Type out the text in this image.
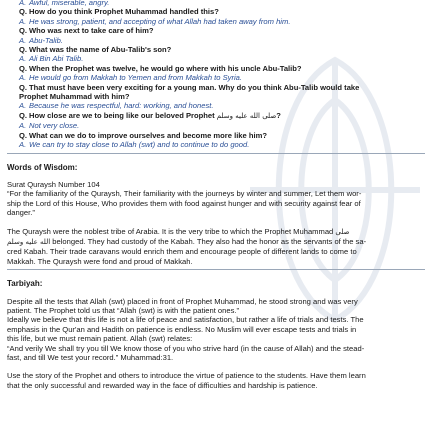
A. Awful, miserable, angry.
Q. How do you think Prophet Muhammad handled this?
A. He was strong, patient, and accepting of what Allah had taken away from him.
Q. Who was next to take care of him?
A. Abu-Talib.
Q. What was the name of Abu-Talib's son?
A. Ali Bin Abi Talib.
Q. When the Prophet was twelve, he would go where with his uncle Abu-Talib?
A. He would go from Makkah to Yemen and from Makkah to Syria.
Q. That must have been very exciting for a young man. Why do you think Abu-Talib would take
Prophet Muhammad with him?
A. Because he was respectful, hard: working, and honest.
Q. How close are we to being like our beloved Prophet صلى الله عليه وسلم?
A. Not very close.
Q. What can we do to improve ourselves and become more like him?
A. We can try to stay close to Allah (swt) and to continue to do good.
Words of Wisdom:
Surat Quraysh Number 104
“For the familiarity of the Quraysh, Their familiarity with the journeys by winter and summer, Let them wor-
ship the Lord of this House, Who provides them with food against hunger and with security against fear of
danger.”
The Quraysh were the noblest tribe of Arabia. It is the very tribe to which the Prophet Muhammad صلى
الله عليه وسلم belonged. They had custody of the Kabah. They also had the honor as the servants of the sa-
cred Kabah. Their trade caravans would enrich them and encourage people of different lands to come to
Makkah. The Quraysh were fond and proud of Makkah.
Tarbiyah:
Despite all the tests that Allah (swt) placed in front of Prophet Muhammad, he stood strong and was very
patient. The Prophet told us that “Allah (swt) is with the patient ones.”
Ideally we believe that this life is not a life of peace and satisfaction, but rather a life of trials and tests. The
emphasis in the Qur'an and Hadith on patience is endless. No Muslim will ever escape tests and trials in
this life, but we must remain patient. Allah (swt) relates:
“And verily We shall try you till We know those of you who strive hard (in the cause of Allah) and the stead-
fast, and till We test your record.” Muhammad:31.
Use the story of the Prophet and others to introduce the virtue of patience to the students. Have them learn
that the only successful and rewarded way in the face of difficulties and hardship is patience.
